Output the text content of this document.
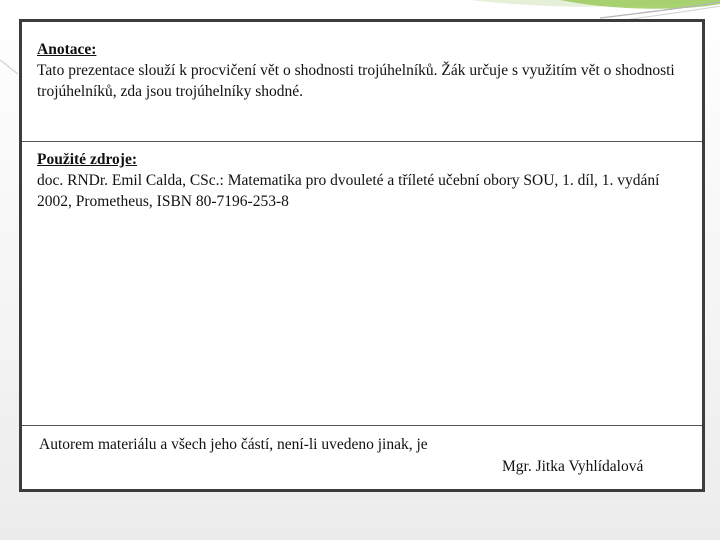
Anotace:
Tato prezentace slouží k procvičení vět o shodnosti trojúhelníků. Žák určuje s využitím vět o shodnosti trojúhelníků, zda jsou trojúhelníky shodné.
Použité zdroje:
doc. RNDr. Emil Calda, CSc.: Matematika pro dvouleté a tříleté učební obory SOU, 1. díl, 1. vydání 2002, Prometheus, ISBN 80-7196-253-8
Autorem materiálu a všech jeho částí, není-li uvedeno jinak, je
Mgr. Jitka Vyhlídalová
